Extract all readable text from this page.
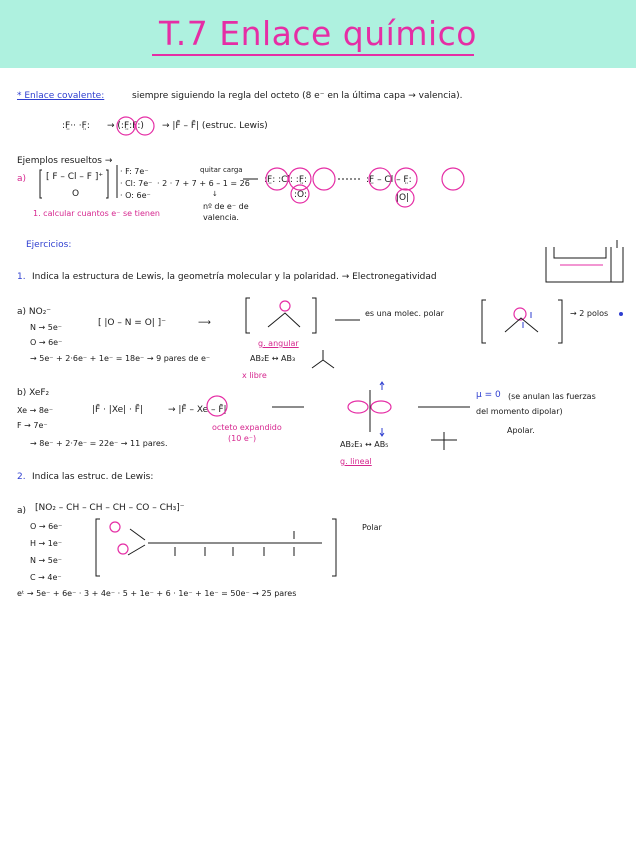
T.7 Enlace químico
* Enlace covalente:	siempre siguiendo la regla del octeto (8 e⁻ en la última capa → valencia).
:F̤·· ·F̤: → (:F̤:F̤:) → |F̄ – F̄| (estruc. Lewis)
Ejemplos resueltos →
a) [ F – Cl – F ]⁺
O
· F: 7e⁻
· Cl: 7e⁻
· O: 6e⁻
· 2 · 7 + 7 + 6 – 1 = 26
quitar carga
↓
nº de e⁻ de valencia.
1. calcular cuantos e⁻ se tienen
:F̤: :Cl: :F̤:
:O:
:F̤ – Cl – F̤:
|O|
Ejercicios:
1. Indica la estructura de Lewis, la geometría molecular y la polaridad. → Electronegatividad
a) NO₂⁻
N → 5e⁻
O → 6e⁻
[ |O – N = O| ]⁻	⟶
→ 5e⁻ + 2·6e⁻ + 1e⁻ = 18e⁻ → 9 pares de e⁻
g. angular
AB₂E ↔ AB₃
x libre
es una molec. polar	→ 2 polos
b) XeF₂
Xe → 8e⁻
F → 7e⁻
|F̄ · |Xe| · F̄|	→ |F̄ – Xe – F̄|
octeto expandido
(10 e⁻)
→ 8e⁻ + 2·7e⁻ = 22e⁻ → 11 pares.	AB₂E₃ ↔ AB₅
g. lineal
μ = 0 (se anulan las fuerzas
del momento dipolar)
Apolar.
2. Indica las estruc. de Lewis:
a) [NO₂ – CH – CH – CH – CO – CH₃]⁻
O → 6e⁻
H → 1e⁻
N → 5e⁻
C → 4e⁻
Polar
eᵗ → 5e⁻ + 6e⁻ · 3 + 4e⁻ · 5 + 1e⁻ + 6 · 1e⁻ + 1e⁻ = 50e⁻ → 25 pares
